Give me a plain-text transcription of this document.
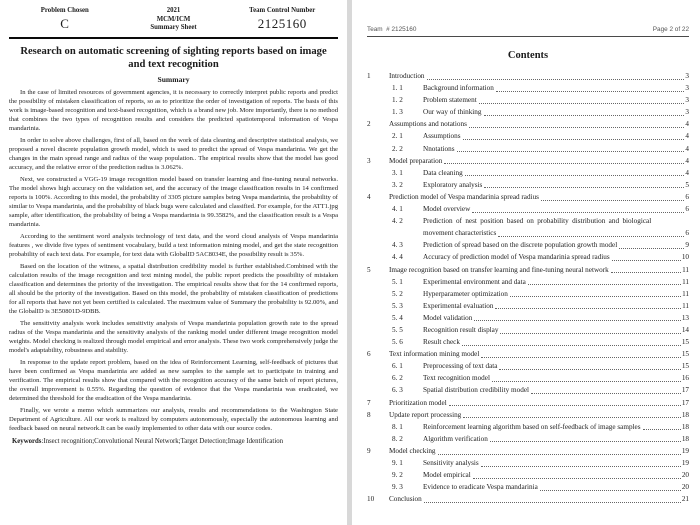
Problem Chosen
C
2021
MCM/ICM
Summary Sheet
Team Control Number
2125160
Research on automatic screening of sighting reports based on image and text recognition
Summary

In the case of limited resources of government agencies, it is necessary to correctly interpret public reports and predict the possibility of mistaken classification of reports, so as to prioritize the order of investigation of reports. The basis of this work is image-based recognition and text-based recognition, which is a brand new job. More importantly, there is no method that combines the two types of recognition results and considers the predicted spatiotemporal information of Vespa mandarinia.

In order to solve above challenges, first of all, based on the work of data cleaning and descriptive statistical analysis, we proposed a novel discrete population growth model, which is used to predict the spread of Vespa mandarinia. We get the changes in the main spread range and radius of the wasp population.. The empirical results show that the model has good accuracy, and the relative error of the prediction radius is 3.062%.

Next, we constructed a VGG-19 image recognition model based on transfer learning and fine-tuning neural networks. The model shows high accuracy on the validation set, and the accuracy of the image classification results in 14 confirmed reports is 100%. According to this model, the probability of 3305 picture samples being Vespa mandarinia, the probability of similar to Vespa mandarinia, and the probability of black bugs were calculated and classified. For example, for the ATT1.jpg sample, after identification, the probability of being a Vespa mandarinia is 99.3582%, and the classification result is a Vespa mandarinia.

According to the sentiment word analysis technology of text data, and the word cloud analysis of Vespa mandarinia features , we divide five types of sentiment vocabulary, build a text information mining model, and get the state recognition probability of each text data. For example, for text data with GlobalID 5AC8034E, the possibility result is 35%.

Based on the location of the witness, a spatial distribution credibility model is further established.Combined with the calculation results of the image recognition and text mining model, the public report predicts the possibility of mistaken classification and determines the priority of the investigation. The empirical results show that for the 14 confirmed reports, all should be the priority of the investigation. Based on this model, the probability of mistaken classification of predictions for all reports that have not yet been certified is calculated. The maximum value of Summary the probability is 92.00%, and the GlobalID is 3E50801D-9DBB.

The sensitivity analysis work includes sensitivity analysis of Vespa mandarinia population growth rate to the spread radius of the Vespa mandarinia and the sensitivity analysis of the ranking model under different image recognition model weights. Model checking is realized through model empirical and error analysis. These two work comprehensively judge the model's adaptability, robustness and stability.

In response to the update report problem, based on the idea of Reinforcement Learning, self-feedback of pictures that have been confirmed as Vespa mandarinia are added as new samples to the sample set to participate in training and verification. The empirical results show that compared with the recognition accuracy of the same batch of report pictures, the overall improvement is 0.55%. Regarding the question of evidence that the Vespa mandarinia was eradicated, we determined the threshold for the eradication of the Vespa mandarinia.

Finally, we wrote a memo which summarizes our analysis, results and recommendations to the Washington State Department of Agriculture. All our work is realized by computers autonomously, especially the autonomous learning and feedback based on neural network.It can be easily implemented to other data with our source codes.

Keywords:Insect recognition;Convolutional Neural Network;Target Detection;Image Identification
Team  # 2125160	Page 2 of 22
Contents
1	Introduction	3
1. 1	Background information	3
1. 2	Problem statement	3
1. 3	Our way of thinking	3
2	Assumptions and notations	4
2. 1	Assumptions	4
2. 2	Nnotations	4
3	Model preparation	4
3. 1	Data cleaning	4
3. 2	Exploratory analysis	5
4	Prediction model of Vespa mandarinia spread radius	6
4. 1	Model overview	6
4. 2	Prediction of nest position based on probability distribution and biological
movement characteristics	6
4. 3	Prediction of spread based on the discrete population growth model	9
4. 4	Accuracy of prediction model of Vespa mandarinia spread radius	10
5	Image recognition based on transfer learning and fine-tuning neural network	11
5. 1	Experimental environment and data	11
5. 2	Hyperparameter optimization	11
5. 3	Experimental evaluation	11
5. 4	Model validation	13
5. 5	Recognition result display	14
5. 6	Result check	15
6	Text information mining model	15
6. 1	Preprocessing of text data	15
6. 2	Text recognition model	16
6. 3	Spatial distribution credibility model	17
7	Prioritization model	17
8	Update report processing	18
8. 1	Reinforcement learning algorithm based on self-feedback of image samples	18
8. 2	Algorithm verification	18
9	Model checking	19
9. 1	Sensitivity analysis	19
9. 2	Model empirical	20
9. 3	Evidence to eradicate Vespa mandarinia	20
10	Conclusion	21
